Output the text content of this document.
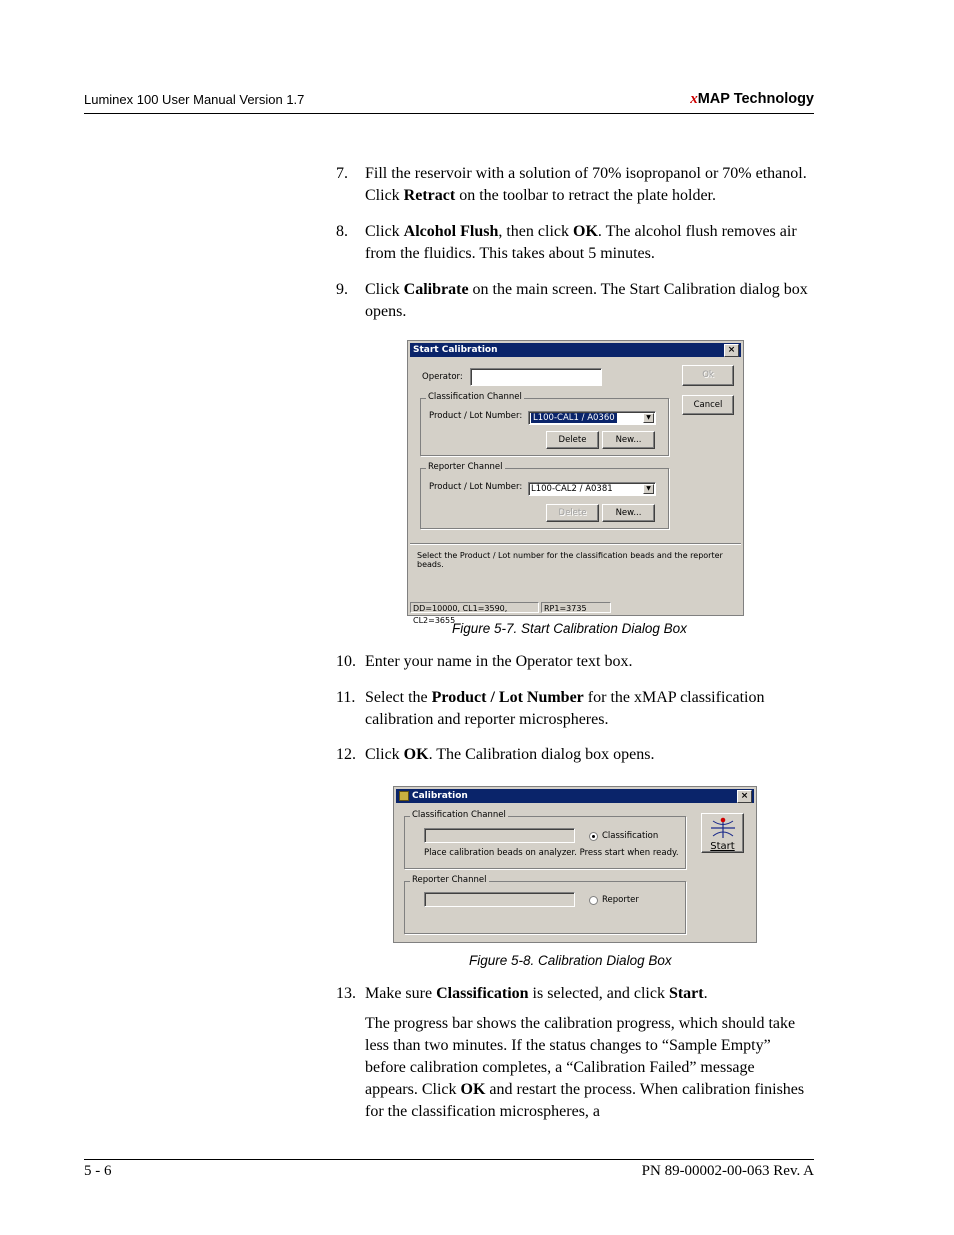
Luminex 100 User Manual Version 1.7	xMAP Technology
7. Fill the reservoir with a solution of 70% isopropanol or 70% ethanol. Click Retract on the toolbar to retract the plate holder.
8. Click Alcohol Flush, then click OK. The alcohol flush removes air from the fluidics. This takes about 5 minutes.
9. Click Calibrate on the main screen. The Start Calibration dialog box opens.
Start Calibration	×
Operator:	Ok
Cancel
Classification Channel
Product / Lot Number:	L100-CAL1 / A0360	▼
Delete	New...
Reporter Channel
Product / Lot Number:	L100-CAL2 / A0381	▼
Delete	New...
Select the Product / Lot number for the classification beads and the reporter beads.
DD=10000, CL1=3590, CL2=3655
RP1=3735
Figure 5-7. Start Calibration Dialog Box
10. Enter your name in the Operator text box.
11. Select the Product / Lot Number for the xMAP classification calibration and reporter microspheres.
12. Click OK. The Calibration dialog box opens.
Calibration	×
Classification Channel
Classification
Place calibration beads on analyzer. Press start when ready.
Reporter Channel
Reporter
Start
Figure 5-8. Calibration Dialog Box
13. Make sure Classification is selected, and click Start.
The progress bar shows the calibration progress, which should take less than two minutes. If the status changes to “Sample Empty” before calibration completes, a “Calibration Failed” message appears. Click OK and restart the process. When calibration finishes for the classification microspheres, a
5 - 6	PN 89-00002-00-063 Rev. A
